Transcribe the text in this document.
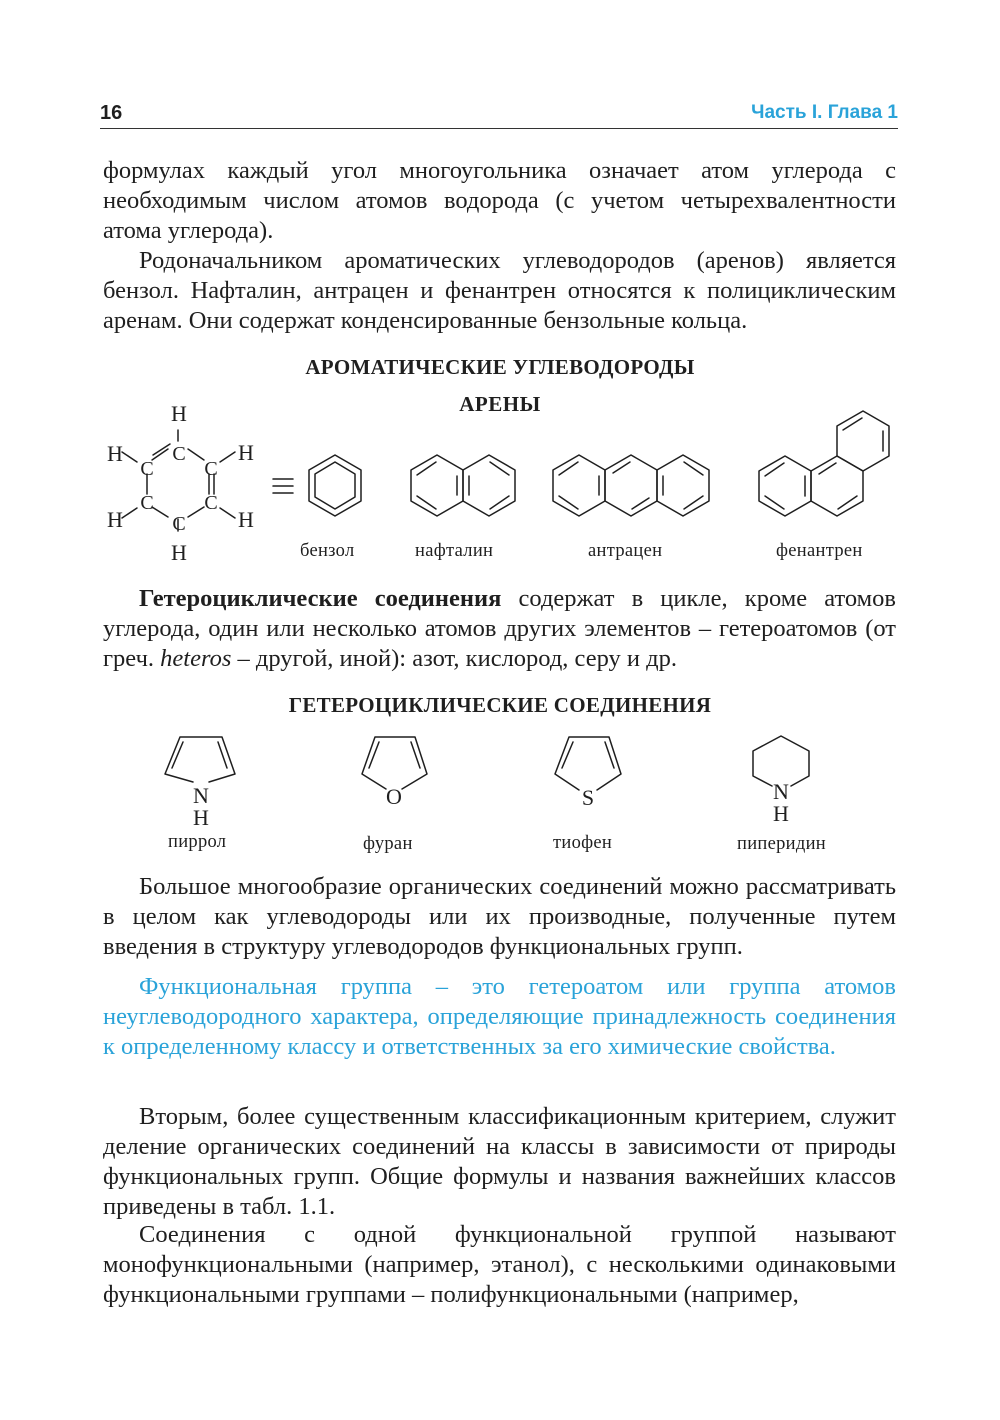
16	Часть I. Глава 1

формулах каждый угол многоугольника означает атом углерода с необходимым числом атомов водорода (с учетом четырехвалентности атома углерода).

Родоначальником ароматических углеводородов (аренов) является бензол. Нафталин, антрацен и фенантрен относятся к полициклическим аренам. Они содержат конденсированные бензольные кольца.

АРОМАТИЧЕСКИЕ УГЛЕВОДОРОДЫ
АРЕНЫ
H
C
C
C
C
C
C
H	H
H	H
H
N
H
O	S	N
H
бензол	нафталин	антрацен	фенантрен

Гетероциклические соединения содержат в цикле, кроме атомов углерода, один или несколько атомов других элементов – гетероатомов (от греч. heteros – другой, иной): азот, кислород, серу и др.

ГЕТЕРОЦИКЛИЧЕСКИЕ СОЕДИНЕНИЯ
пиррол	фуран	тиофен	пиперидин

Большое многообразие органических соединений можно рассматривать в целом как углеводороды или их производные, полученные путем введения в структуру углеводородов функциональных групп.

Функциональная группа – это гетероатом или группа атомов неуглеводородного характера, определяющие принадлежность соединения к определенному классу и ответственных за его химические свойства.

Вторым, более существенным классификационным критерием, служит деление органических соединений на классы в зависимости от природы функциональных групп. Общие формулы и названия важнейших классов приведены в табл. 1.1.

Соединения с одной функциональной группой называют монофункциональными (например, этанол), с несколькими одинаковыми функциональными группами – полифункциональными (например,
